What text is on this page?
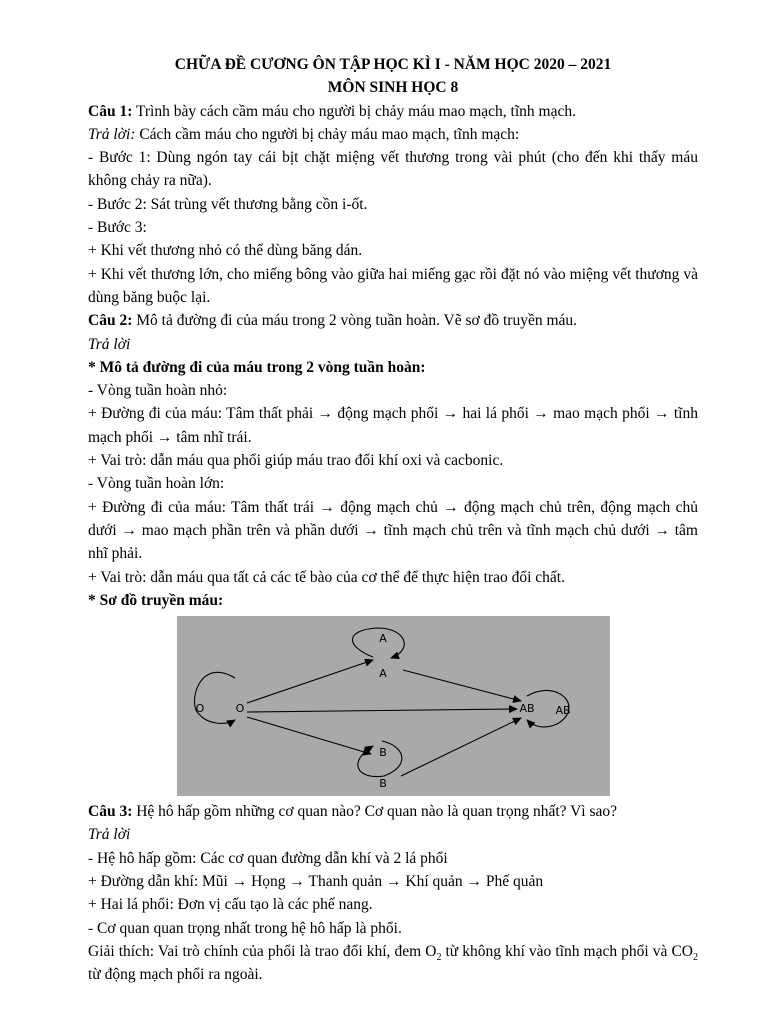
CHỮA ĐỀ CƯƠNG ÔN TẬP HỌC KÌ I - NĂM HỌC 2020 – 2021

MÔN SINH HỌC 8

Câu 1: Trình bày cách cầm máu cho người bị chảy máu mao mạch, tĩnh mạch.

Trả lời: Cách cầm máu cho người bị chảy máu mao mạch, tĩnh mạch:

- Bước 1: Dùng ngón tay cái bịt chặt miệng vết thương trong vài phút (cho đến khi thấy máu không chảy ra nữa).

- Bước 2: Sát trùng vết thương bằng cồn i-ốt.

- Bước 3:

+ Khi vết thương nhỏ có thể dùng băng dán.

+ Khi vết thương lớn, cho miếng bông vào giữa hai miếng gạc rồi đặt nó vào miệng vết thương và dùng băng buộc lại.

Câu 2: Mô tả đường đi của máu trong 2 vòng tuần hoàn. Vẽ sơ đồ truyền máu.

Trả lời

* Mô tả đường đi của máu trong 2 vòng tuần hoàn:

- Vòng tuần hoàn nhỏ:

+ Đường đi của máu: Tâm thất phải → động mạch phổi → hai lá phổi → mao mạch phổi → tĩnh mạch phổi → tâm nhĩ trái.

+ Vai trò: dẫn máu qua phổi giúp máu trao đổi khí oxi và cacbonic.

- Vòng tuần hoàn lớn:

+ Đường đi của máu: Tâm thất trái → động mạch chủ → động mạch chủ trên, động mạch chủ dưới → mao mạch phần trên và phần dưới → tĩnh mạch chủ trên và tĩnh mạch chủ dưới → tâm nhĩ phải.

+ Vai trò: dẫn máu qua tất cả các tế bào của cơ thể để thực hiện trao đổi chất.

* Sơ đồ truyền máu:

O	O
A
A
B
B
AB AB

Câu 3: Hệ hô hấp gồm những cơ quan nào? Cơ quan nào là quan trọng nhất? Vì sao?

Trả lời

- Hệ hô hấp gồm: Các cơ quan đường dẫn khí và 2 lá phổi

+ Đường dẫn khí: Mũi → Họng → Thanh quản → Khí quản → Phế quản

+ Hai lá phổi: Đơn vị cấu tạo là các phế nang.

- Cơ quan quan trọng nhất trong hệ hô hấp là phổi.

Giải thích: Vai trò chính của phổi là trao đổi khí, đem $O_2$ từ không khí vào tĩnh mạch phổi và $CO_2$ từ động mạch phổi ra ngoài.
